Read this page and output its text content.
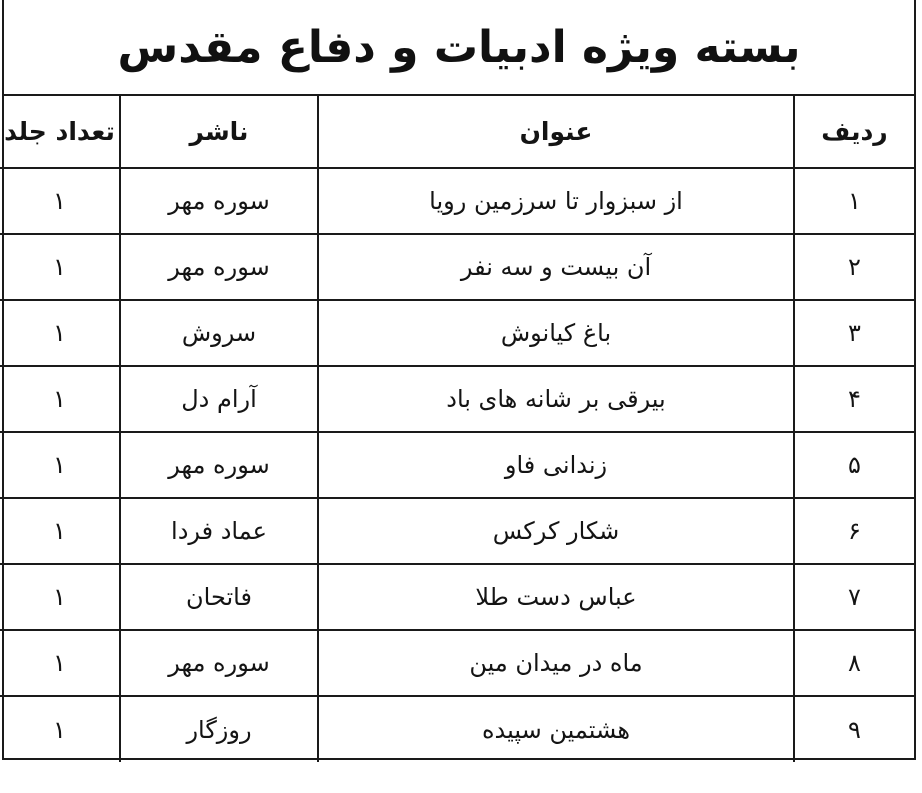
بسته ویژه ادبیات و دفاع مقدس
ردیف	عنوان	ناشر	تعداد جلد
۱	از سبزوار تا سرزمین رویا	سوره مهر	۱
۲	آن بیست و سه نفر	سوره مهر	۱
۳	باغ کیانوش	سروش	۱
۴	بیرقی بر شانه های باد	آرام دل	۱
۵	زندانی فاو	سوره مهر	۱
۶	شکار کرکس	عماد فردا	۱
۷	عباس دست طلا	فاتحان	۱
۸	ماه در میدان مین	سوره مهر	۱
۹	هشتمین سپیده	روزگار	۱
